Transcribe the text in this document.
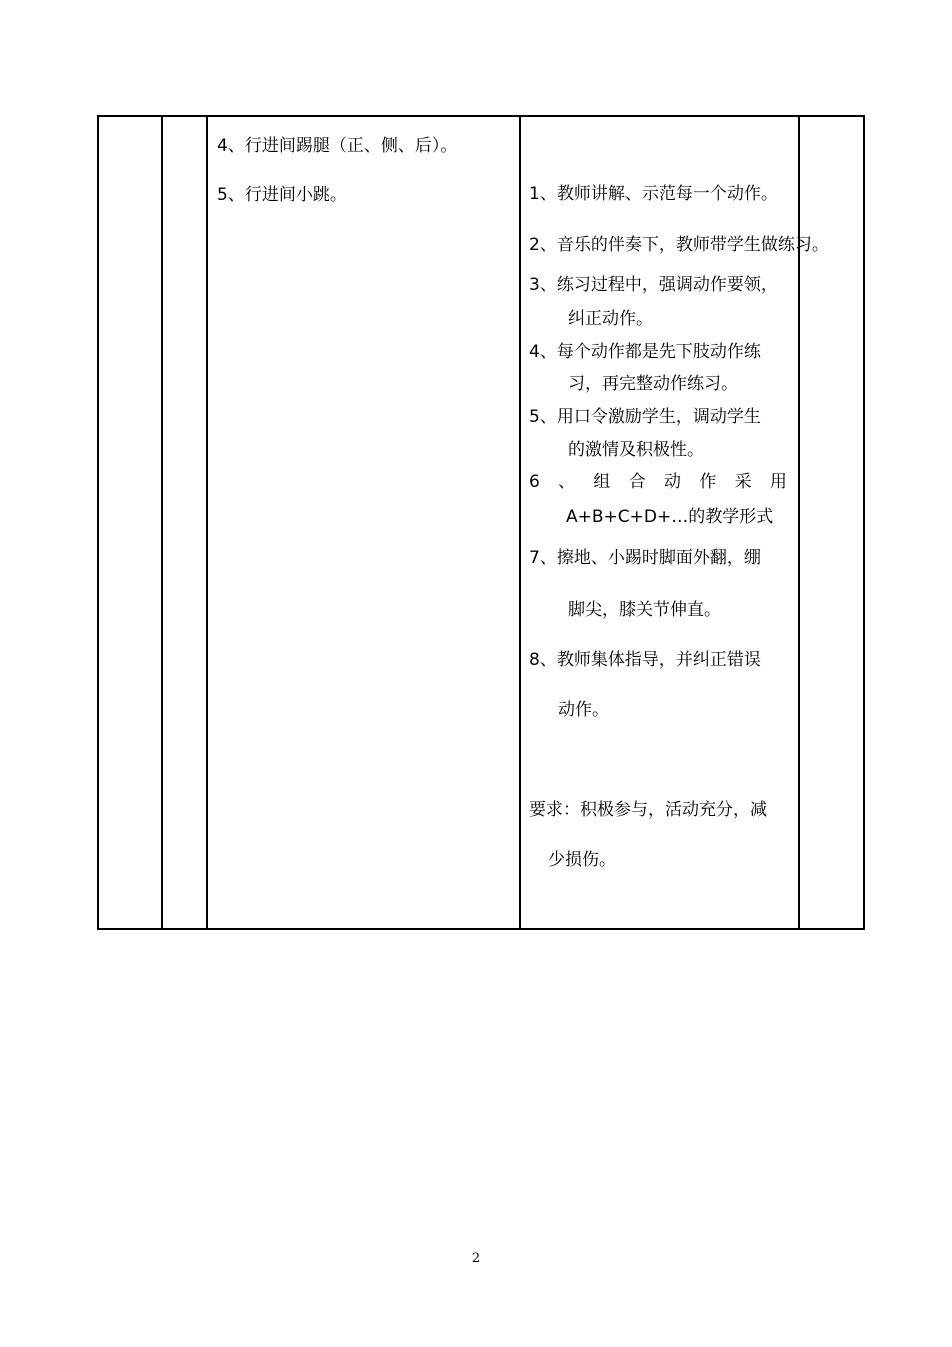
4、行进间踢腿（正、侧、后）。
5、行进间小跳。	1、教师讲解、示范每一个动作。
2、音乐的伴奏下，教师带学生做练习。
3、练习过程中，强调动作要领，
纠正动作。
4、每个动作都是先下肢动作练
习，再完整动作练习。
5、用口令激励学生，调动学生
的激情及积极性。
6 、 组 合 动 作 采 用
A+B+C+D+…的教学形式
7、擦地、小踢时脚面外翻，绷
脚尖，膝关节伸直。
8、教师集体指导，并纠正错误
动作。
要求：积极参与，活动充分，减
少损伤。
2
